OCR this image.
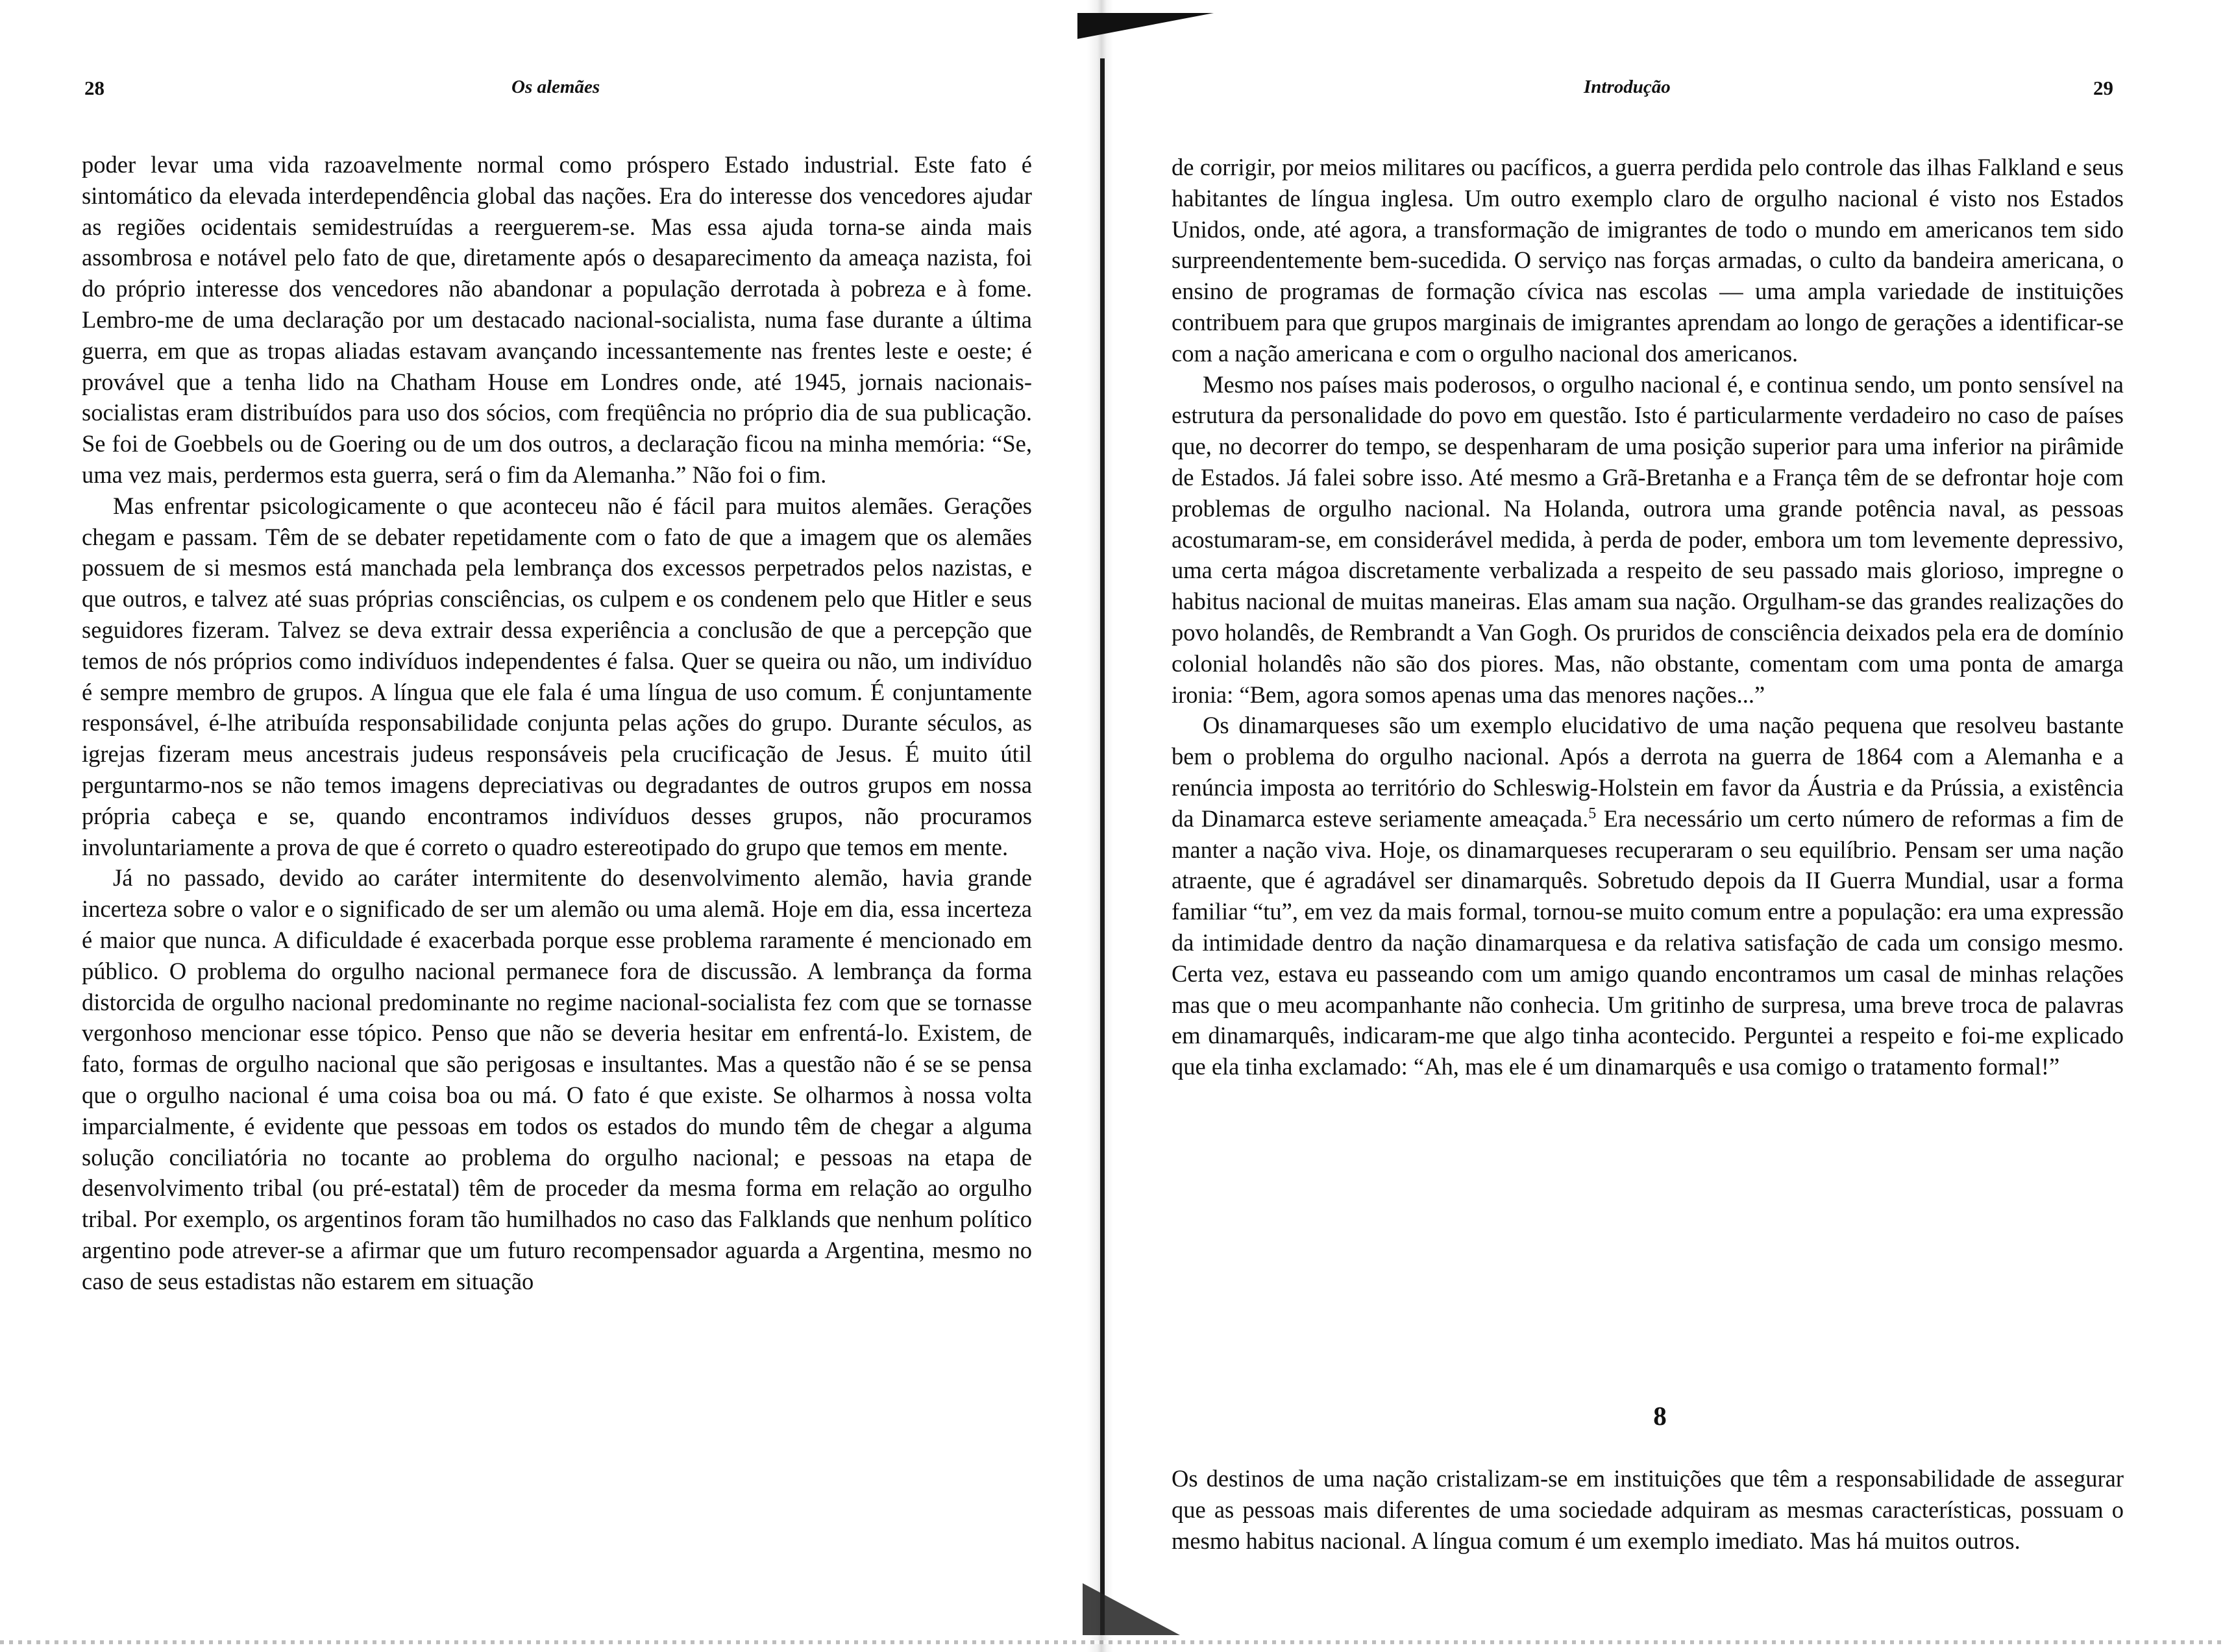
28	Os alemães

poder levar uma vida razoavelmente normal como próspero Estado industrial. Este fato é sintomático da elevada interdependência global das nações. Era do interesse dos vencedores ajudar as regiões ocidentais semidestruídas a reerguerem-se. Mas essa ajuda torna-se ainda mais assombrosa e notável pelo fato de que, diretamente após o desaparecimento da ameaça nazista, foi do próprio interesse dos vencedores não abandonar a população derrotada à pobreza e à fome. Lembro-me de uma declaração por um destacado nacional-socialista, numa fase durante a última guerra, em que as tropas aliadas estavam avançando incessantemente nas frentes leste e oeste; é provável que a tenha lido na Chatham House em Londres onde, até 1945, jornais nacionais-socialistas eram distribuídos para uso dos sócios, com freqüência no próprio dia de sua publicação. Se foi de Goebbels ou de Goering ou de um dos outros, a declaração ficou na minha memória: “Se, uma vez mais, perdermos esta guerra, será o fim da Alemanha.” Não foi o fim.

Mas enfrentar psicologicamente o que aconteceu não é fácil para muitos alemães. Gerações chegam e passam. Têm de se debater repetidamente com o fato de que a imagem que os alemães possuem de si mesmos está manchada pela lembrança dos excessos perpetrados pelos nazistas, e que outros, e talvez até suas próprias consciências, os culpem e os condenem pelo que Hitler e seus seguidores fizeram. Talvez se deva extrair dessa experiência a conclusão de que a percepção que temos de nós próprios como indivíduos independentes é falsa. Quer se queira ou não, um indivíduo é sempre membro de grupos. A língua que ele fala é uma língua de uso comum. É conjuntamente responsável, é-lhe atribuída responsabilidade conjunta pelas ações do grupo. Durante séculos, as igrejas fizeram meus ancestrais judeus responsáveis pela crucificação de Jesus. É muito útil perguntarmo-nos se não temos imagens depreciativas ou degradantes de outros grupos em nossa própria cabeça e se, quando encontramos indivíduos desses grupos, não procuramos involuntariamente a prova de que é correto o quadro estereotipado do grupo que temos em mente.

Já no passado, devido ao caráter intermitente do desenvolvimento alemão, havia grande incerteza sobre o valor e o significado de ser um alemão ou uma alemã. Hoje em dia, essa incerteza é maior que nunca. A dificuldade é exacerbada porque esse problema raramente é mencionado em público. O problema do orgulho nacional permanece fora de discussão. A lembrança da forma distorcida de orgulho nacional predominante no regime nacional-socialista fez com que se tornasse vergonhoso mencionar esse tópico. Penso que não se deveria hesitar em enfrentá-lo. Existem, de fato, formas de orgulho nacional que são perigosas e insultantes. Mas a questão não é se se pensa que o orgulho nacional é uma coisa boa ou má. O fato é que existe. Se olharmos à nossa volta imparcialmente, é evidente que pessoas em todos os estados do mundo têm de chegar a alguma solução conciliatória no tocante ao problema do orgulho nacional; e pessoas na etapa de desenvolvimento tribal (ou pré-estatal) têm de proceder da mesma forma em relação ao orgulho tribal. Por exemplo, os argentinos foram tão humilhados no caso das Falklands que nenhum político argentino pode atrever-se a afirmar que um futuro recompensador aguarda a Argentina, mesmo no caso de seus estadistas não estarem em situação

Introdução	29

de corrigir, por meios militares ou pacíficos, a guerra perdida pelo controle das ilhas Falkland e seus habitantes de língua inglesa. Um outro exemplo claro de orgulho nacional é visto nos Estados Unidos, onde, até agora, a transformação de imigrantes de todo o mundo em americanos tem sido surpreendentemente bem-sucedida. O serviço nas forças armadas, o culto da bandeira americana, o ensino de programas de formação cívica nas escolas — uma ampla variedade de instituições contribuem para que grupos marginais de imigrantes aprendam ao longo de gerações a identificar-se com a nação americana e com o orgulho nacional dos americanos.

Mesmo nos países mais poderosos, o orgulho nacional é, e continua sendo, um ponto sensível na estrutura da personalidade do povo em questão. Isto é particularmente verdadeiro no caso de países que, no decorrer do tempo, se despenharam de uma posição superior para uma inferior na pirâmide de Estados. Já falei sobre isso. Até mesmo a Grã-Bretanha e a França têm de se defrontar hoje com problemas de orgulho nacional. Na Holanda, outrora uma grande potência naval, as pessoas acostumaram-se, em considerável medida, à perda de poder, embora um tom levemente depressivo, uma certa mágoa discretamente verbalizada a respeito de seu passado mais glorioso, impregne o habitus nacional de muitas maneiras. Elas amam sua nação. Orgulham-se das grandes realizações do povo holandês, de Rembrandt a Van Gogh. Os pruridos de consciência deixados pela era de domínio colonial holandês não são dos piores. Mas, não obstante, comentam com uma ponta de amarga ironia: “Bem, agora somos apenas uma das menores nações...”

Os dinamarqueses são um exemplo elucidativo de uma nação pequena que resolveu bastante bem o problema do orgulho nacional. Após a derrota na guerra de 1864 com a Alemanha e a renúncia imposta ao território do Schleswig-Holstein em favor da Áustria e da Prússia, a existência da Dinamarca esteve seriamente ameaçada.$^5$ Era necessário um certo número de reformas a fim de manter a nação viva. Hoje, os dinamarqueses recuperaram o seu equilíbrio. Pensam ser uma nação atraente, que é agradável ser dinamarquês. Sobretudo depois da II Guerra Mundial, usar a forma familiar “tu”, em vez da mais formal, tornou-se muito comum entre a população: era uma expressão da intimidade dentro da nação dinamarquesa e da relativa satisfação de cada um consigo mesmo. Certa vez, estava eu passeando com um amigo quando encontramos um casal de minhas relações mas que o meu acompanhante não conhecia. Um gritinho de surpresa, uma breve troca de palavras em dinamarquês, indicaram-me que algo tinha acontecido. Perguntei a respeito e foi-me explicado que ela tinha exclamado: “Ah, mas ele é um dinamarquês e usa comigo o tratamento formal!”

8

Os destinos de uma nação cristalizam-se em instituições que têm a responsabilidade de assegurar que as pessoas mais diferentes de uma sociedade adquiram as mesmas características, possuam o mesmo habitus nacional. A língua comum é um exemplo imediato. Mas há muitos outros.
